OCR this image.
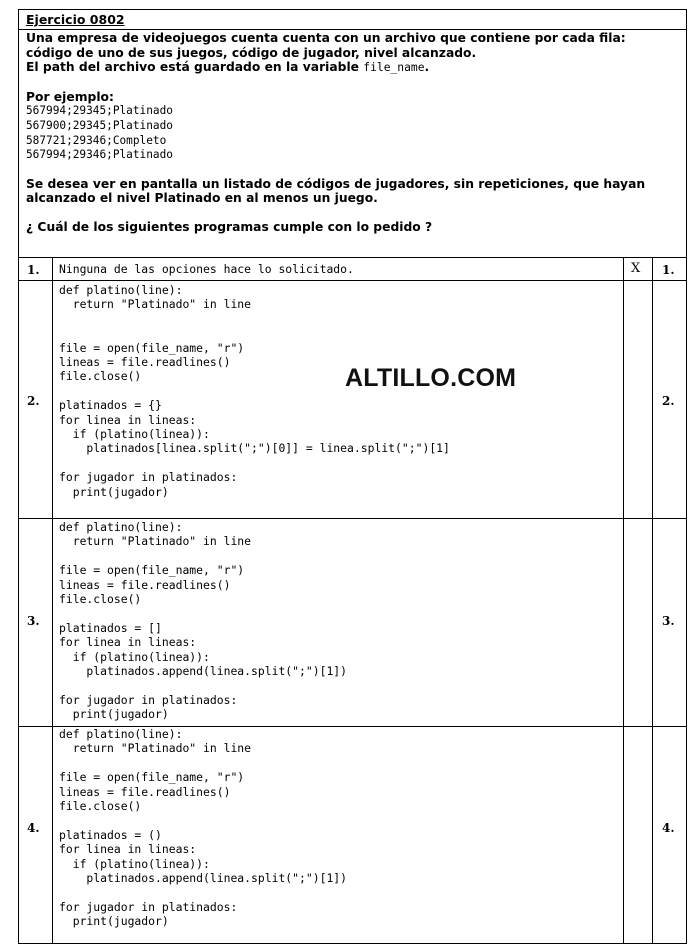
Ejercicio 0802
Una empresa de videojuegos cuenta cuenta con un archivo que contiene por cada fila:
código de uno de sus juegos, código de jugador, nivel alcanzado.
El path del archivo está guardado en la variable file_name.
Por ejemplo:
567994;29345;Platinado
567900;29345;Platinado
587721;29346;Completo
567994;29346;Platinado
Se desea ver en pantalla un listado de códigos de jugadores, sin repeticiones, que hayan alcanzado el nivel Platinado en al menos un juego.
¿ Cuál de los siguientes programas cumple con lo pedido ?
1. Ninguna de las opciones hace lo solicitado.	X 1.
2.
def platino(line):
return "Platinado" in line

file = open(file_name, "r")
lineas = file.readlines()
file.close()

platinados = {}
for linea in lineas:
if (platino(linea)):
platinados[linea.split(";")[0]] = linea.split(";")[1]

for jugador in platinados:
print(jugador)
2.
3.
def platino(line):
return "Platinado" in line

file = open(file_name, "r")
lineas = file.readlines()
file.close()

platinados = []
for linea in lineas:
if (platino(linea)):
platinados.append(linea.split(";")[1])

for jugador in platinados:
print(jugador)
3.
4.
def platino(line):
return "Platinado" in line

file = open(file_name, "r")
lineas = file.readlines()
file.close()

platinados = ()
for linea in lineas:
if (platino(linea)):
platinados.append(linea.split(";")[1])

for jugador in platinados:
print(jugador)
4.
ALTILLO.COM
